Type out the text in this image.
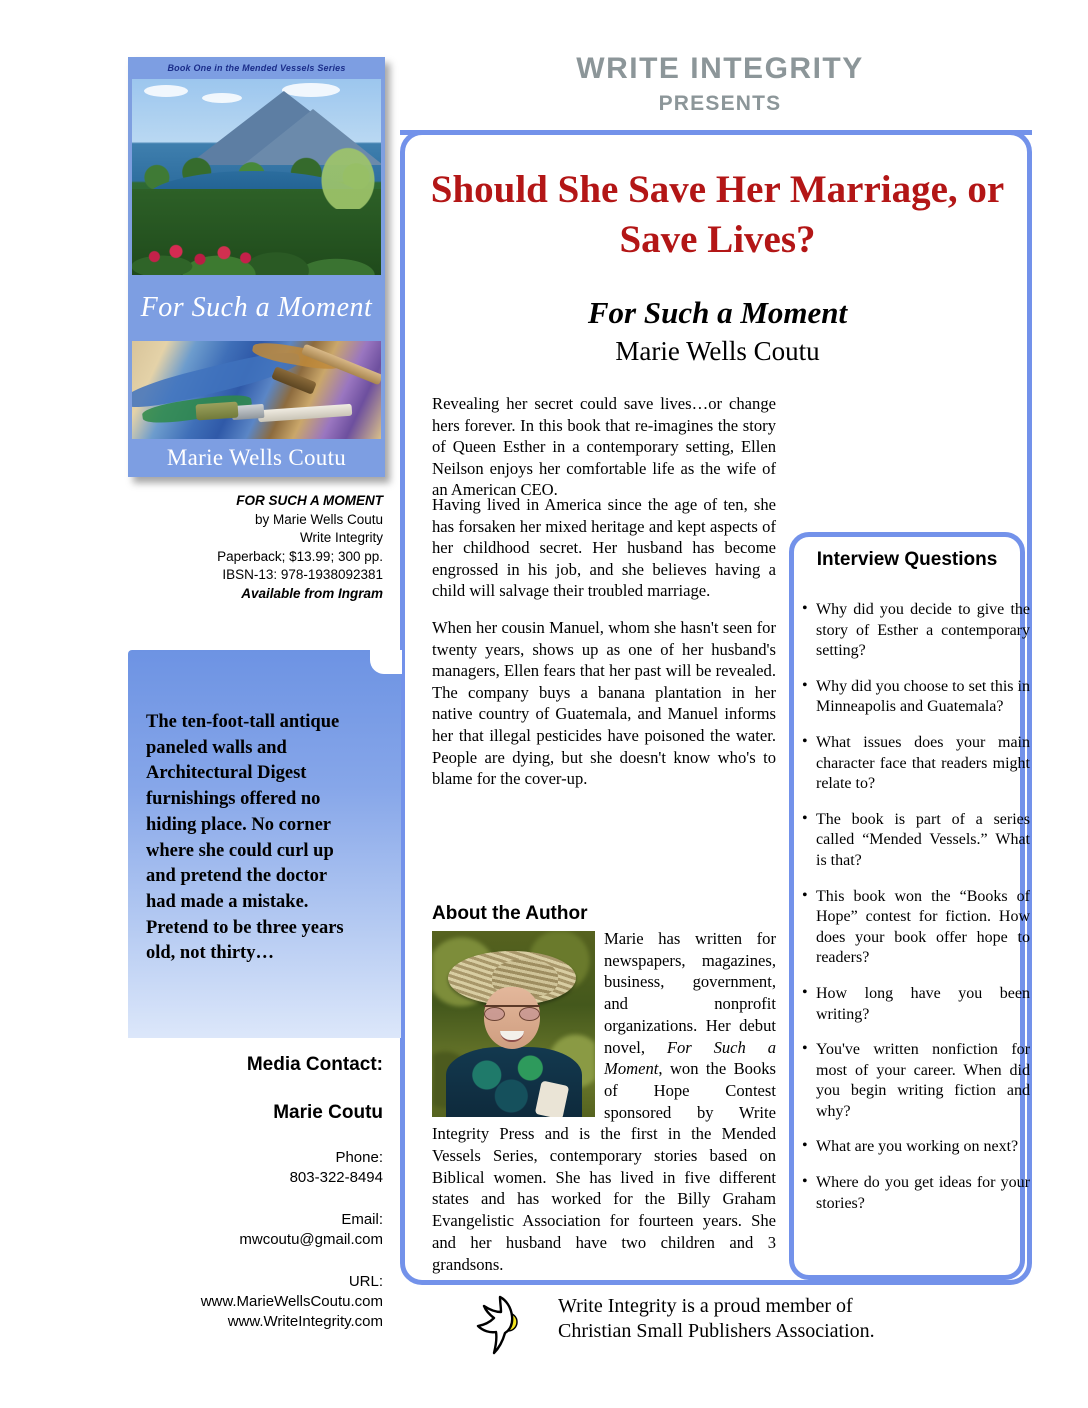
WRITE INTEGRITY
PRESENTS
Book One in the Mended Vessels Series
For Such a Moment
Marie Wells Coutu
FOR SUCH A MOMENT
by Marie Wells Coutu
Write Integrity
Paperback; $13.99; 300 pp.
IBSN-13: 978-1938092381
Available from Ingram
The ten-foot-tall antique paneled walls and Architectural Digest furnishings offered no hiding place. No corner where she could curl up and pretend the doctor had made a mistake. Pretend to be three years old, not thirty…
Media Contact:
Marie Coutu
Phone:
803-322-8494
Email:
mwcoutu@gmail.com
URL:
www.MarieWellsCoutu.com
www.WriteIntegrity.com
Should She Save Her Marriage, or Save Lives?
For Such a Moment
Marie Wells Coutu

Revealing her secret could save lives…or change hers forever. In this book that re-imagines the story of Queen Esther in a contemporary setting, Ellen Neilson enjoys her comfortable life as the wife of an American CEO.

Having lived in America since the age of ten, she has forsaken her mixed heritage and kept aspects of her childhood secret. Her husband has become engrossed in his job, and she believes having a child will salvage their troubled marriage.

When her cousin Manuel, whom she hasn't seen for twenty years, shows up as one of her husband's managers, Ellen fears that her past will be revealed. The company buys a banana plantation in her native country of Guatemala, and Manuel informs her that illegal pesticides have poisoned the water. People are dying, but she doesn't know who's to blame for the cover-up.

About the Author
Marie has written for newspapers, magazines, business, government, and nonprofit organizations. Her debut novel, For Such a Moment, won the Books of Hope Contest sponsored by Write Integrity Press and is the first in the Mended Vessels Series, contemporary stories based on Biblical women. She has lived in five different states and has worked for the Billy Graham Evangelistic Association for fourteen years. She and her husband have two children and 3 grandsons.
Interview Questions
• Why did you decide to give the story of Esther a contemporary setting?
• Why did you choose to set this in Minneapolis and Guatemala?
• What issues does your main character face that readers might relate to?
• The book is part of a series called “Mended Vessels.” What is that?
• This book won the “Books of Hope” contest for fiction. How does your book offer hope to readers?
• How long have you been writing?
• You've written nonfiction for most of your career. When did you begin writing fiction and why?
• What are you working on next?
• Where do you get ideas for your stories?
Write Integrity is a proud member of
Christian Small Publishers Association.
